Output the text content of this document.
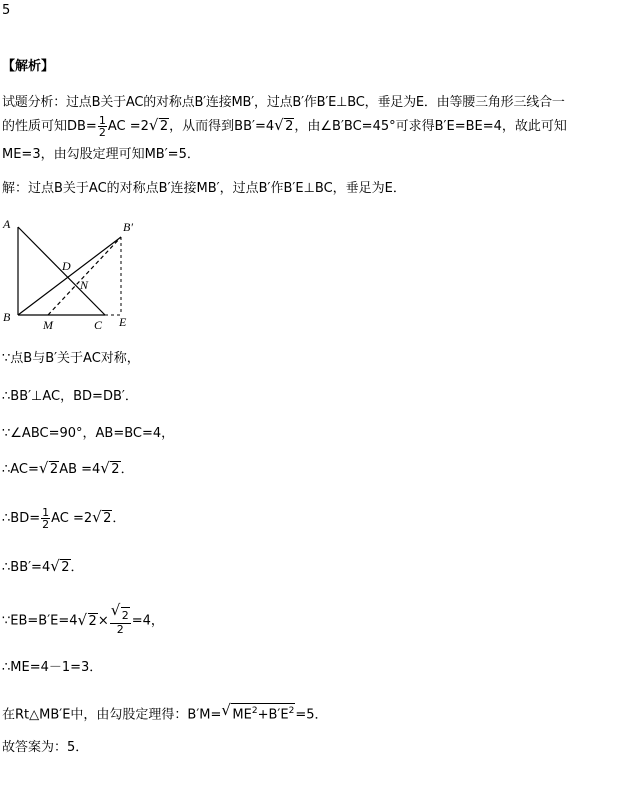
5
【解析】
试题分析：过点B关于AC的对称点B′连接MB′，过点B′作B′E⊥BC，垂足为E．由等腰三角形三线合一
的性质可知$DB= \frac{1}{2}$ AC =2 √ 2，从而得到BB′=4 √ 2，由∠B′BC=45°可求得B′E=BE=4，故此可知
ME=3，由勾股定理可知MB′=5．
解：过点B关于AC的对称点B′连接MB′，过点B′作B′E⊥BC，垂足为E．
A	B′
D
N
B
M	C E
∵点B与B′关于AC对称，
∴BB′⊥AC，BD=DB′．
∵∠ABC=90°，AB=BC=4，
∴AC= √ 2AB =4 √ 2．
∴BD= $\frac{1}{2}$ AC =2 √ 2．
∴BB′=4 √ 2．
∵EB=B′E=4 √ $2\times \frac{√ 2}{2} =4$，
∴ME=4－1=3．
在Rt△MB′E中，由勾股定理得：B′M= √ $ME^2+B'E^2=5$．
故答案为：5．
